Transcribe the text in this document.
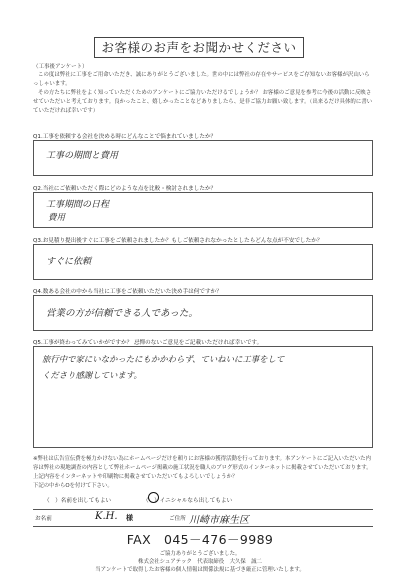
お客様のお声をお聞かせください
（工事後アンケート）

この度は弊社に工事をご用命いただき、誠にありがとうございました。世の中には弊社の存在やサービスをご存知ないお客様が沢山いらっしゃいます。

その方たちに弊社をよく知っていただくためのアンケートにご協力いただけるでしょうか？ お客様のご意見を参考に今後の活動に反映させていただいと考えております。良かったこと、嬉しかったことなどありましたら、是非ご協力お願い致します。（出来るだけ具体的に書いていただければ幸いです）

Q1.工事を依頼する会社を決める時にどんなことで悩まれていましたか？
工事の期間と費用
Q2.当社にご依頼いただく際にどのような点を比較・検討されましたか？
工事期間の日程
費用
Q3.お見積り提出後すぐに工事をご依頼されましたか？もしご依頼されなかったとしたらどんな点が不安でしたか？
すぐに依頼
Q4.数ある会社の中から当社に工事をご依頼いただいた決め手は何ですか？
営業の方が信頼できる人であった。
Q5.工事が終わってみていかがですか？ 忌憚のないご意見をご記載いただければ幸いです。
旅行中で家にいなかったにもかかわらず、ていねいに工事をして
くださり感謝しています。

※弊社は広告宣伝費を極力かけない為にホームページだけを頼りにお客様の獲得活動を行っております。本アンケートにご記入いただいた内容は弊社の現地調査の内容として弊社ホームページ掲載の施工状況を職人のブログ形式のインターネットに掲載させていただいております。上記内容をインターネットや印刷物に掲載させていただいてもよろしいでしょうか？

下記の中からOを付けて下さい。

（　）名前を出してもよい	（　）イニシャルなら出してもよい
お名前	K.H. 様	ご住所 川崎市麻生区
FAX　045－476－9989
ご協力ありがとうございました。
株式会社シュアテック　代表取締役　大久保　誠二
当アンケートで取得したお客様の個人情報は関係法規に基づき厳正に管理いたします。
